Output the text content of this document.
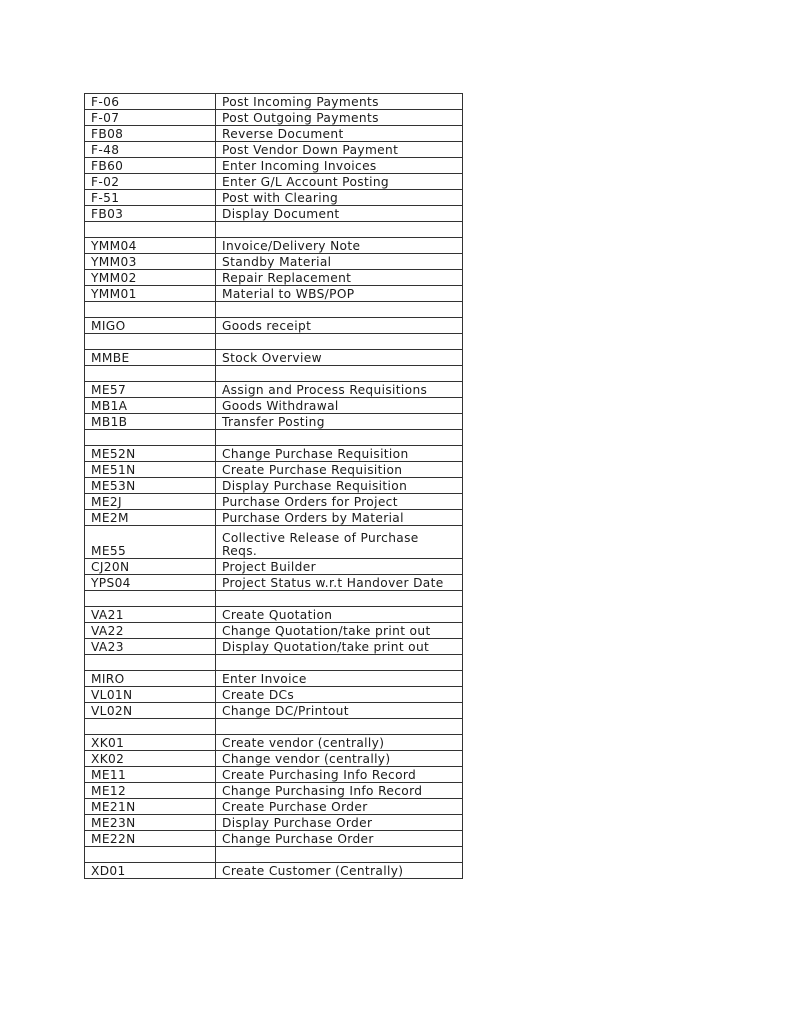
F-06	Post Incoming Payments
F-07	Post Outgoing Payments
FB08	Reverse Document
F-48	Post Vendor Down Payment
FB60	Enter Incoming Invoices
F-02	Enter G/L Account Posting
F-51	Post with Clearing
FB03	Display Document

YMM04	Invoice/Delivery Note
YMM03	Standby Material
YMM02	Repair Replacement
YMM01	Material to WBS/POP

MIGO	Goods receipt

MMBE	Stock Overview

ME57	Assign and Process Requisitions
MB1A	Goods Withdrawal
MB1B	Transfer Posting

ME52N	Change Purchase Requisition
ME51N	Create Purchase Requisition
ME53N	Display Purchase Requisition
ME2J	Purchase Orders for Project
ME2M	Purchase Orders by Material
ME55	Collective Release of Purchase Reqs.
CJ20N	Project Builder
YPS04	Project Status w.r.t Handover Date

VA21	Create Quotation
VA22	Change Quotation/take print out
VA23	Display Quotation/take print out

MIRO	Enter Invoice
VL01N	Create DCs
VL02N	Change DC/Printout

XK01	Create vendor (centrally)
XK02	Change vendor (centrally)
ME11	Create Purchasing Info Record
ME12	Change Purchasing Info Record
ME21N	Create Purchase Order
ME23N	Display Purchase Order
ME22N	Change Purchase Order

XD01	Create Customer (Centrally)
